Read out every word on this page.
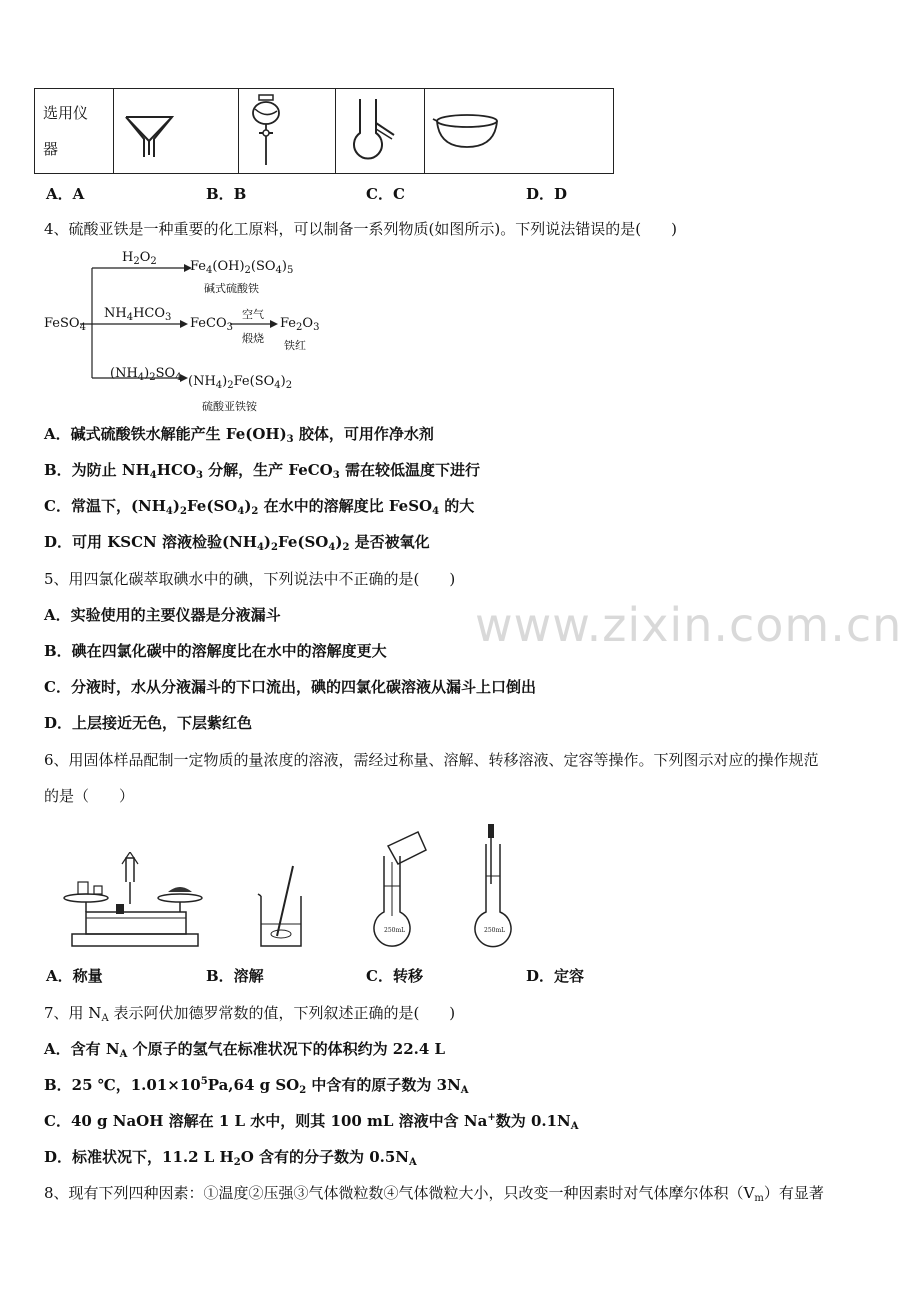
选用仪
器

A．A	B．B	C．C	D．D
4、硫酸亚铁是一种重要的化工原料，可以制备一系列物质(如图所示)。下列说法错误的是(　　)
FeSO$_4$
$H_2O_2$	$Fe_4(OH)_2(SO_4)_5$
碱式硫酸铁
$NH_4HCO_3$ FeCO$_3$
空气
煅烧
$Fe_2O_3$
铁红
$(NH_4)_2SO_4$ $(NH_4)_2Fe(SO_4)_2$
硫酸亚铁铵
A．碱式硫酸铁水解能产生 $Fe(OH)_3$ 胶体，可用作净水剂
B．为防止 $NH_4HCO_3$ 分解，生产 FeCO$_3$ 需在较低温度下进行
C．常温下，$(NH_4)_2Fe(SO_4)_2$ 在水中的溶解度比 FeSO$_4$ 的大
D．可用 KSCN 溶液检验$(NH_4)_2Fe(SO_4)_2$ 是否被氧化
www.zixin.com.cn
5、用四氯化碳萃取碘水中的碘，下列说法中不正确的是(　　)
A．实验使用的主要仪器是分液漏斗
B．碘在四氯化碳中的溶解度比在水中的溶解度更大
C．分液时，水从分液漏斗的下口流出，碘的四氯化碳溶液从漏斗上口倒出
D．上层接近无色，下层紫红色
6、用固体样品配制一定物质的量浓度的溶液，需经过称量、溶解、转移溶液、定容等操作。下列图示对应的操作规范
的是（　　）
250mL	250mL
A．称量	B．溶解	C．转移	D．定容
7、用 $N_A$ 表示阿伏加德罗常数的值，下列叙述正确的是(　　)
A．含有 $N_A$ 个原子的氢气在标准状况下的体积约为 22.4 L
B．25 ℃，$1.01\times 10^5Pa,64$ g $SO_2$ 中含有的原子数为 $3N_A$
C．40 g NaOH 溶解在 1 L 水中，则其 100 mL 溶液中含 Na+数为 $0.1N_A$
D．标准状况下，11.2 L $H_2O$ 含有的分子数为 $0.5N_A$
8、现有下列四种因素：①温度②压强③气体微粒数④气体微粒大小，只改变一种因素时对气体摩尔体积$(V_m)$有显著
